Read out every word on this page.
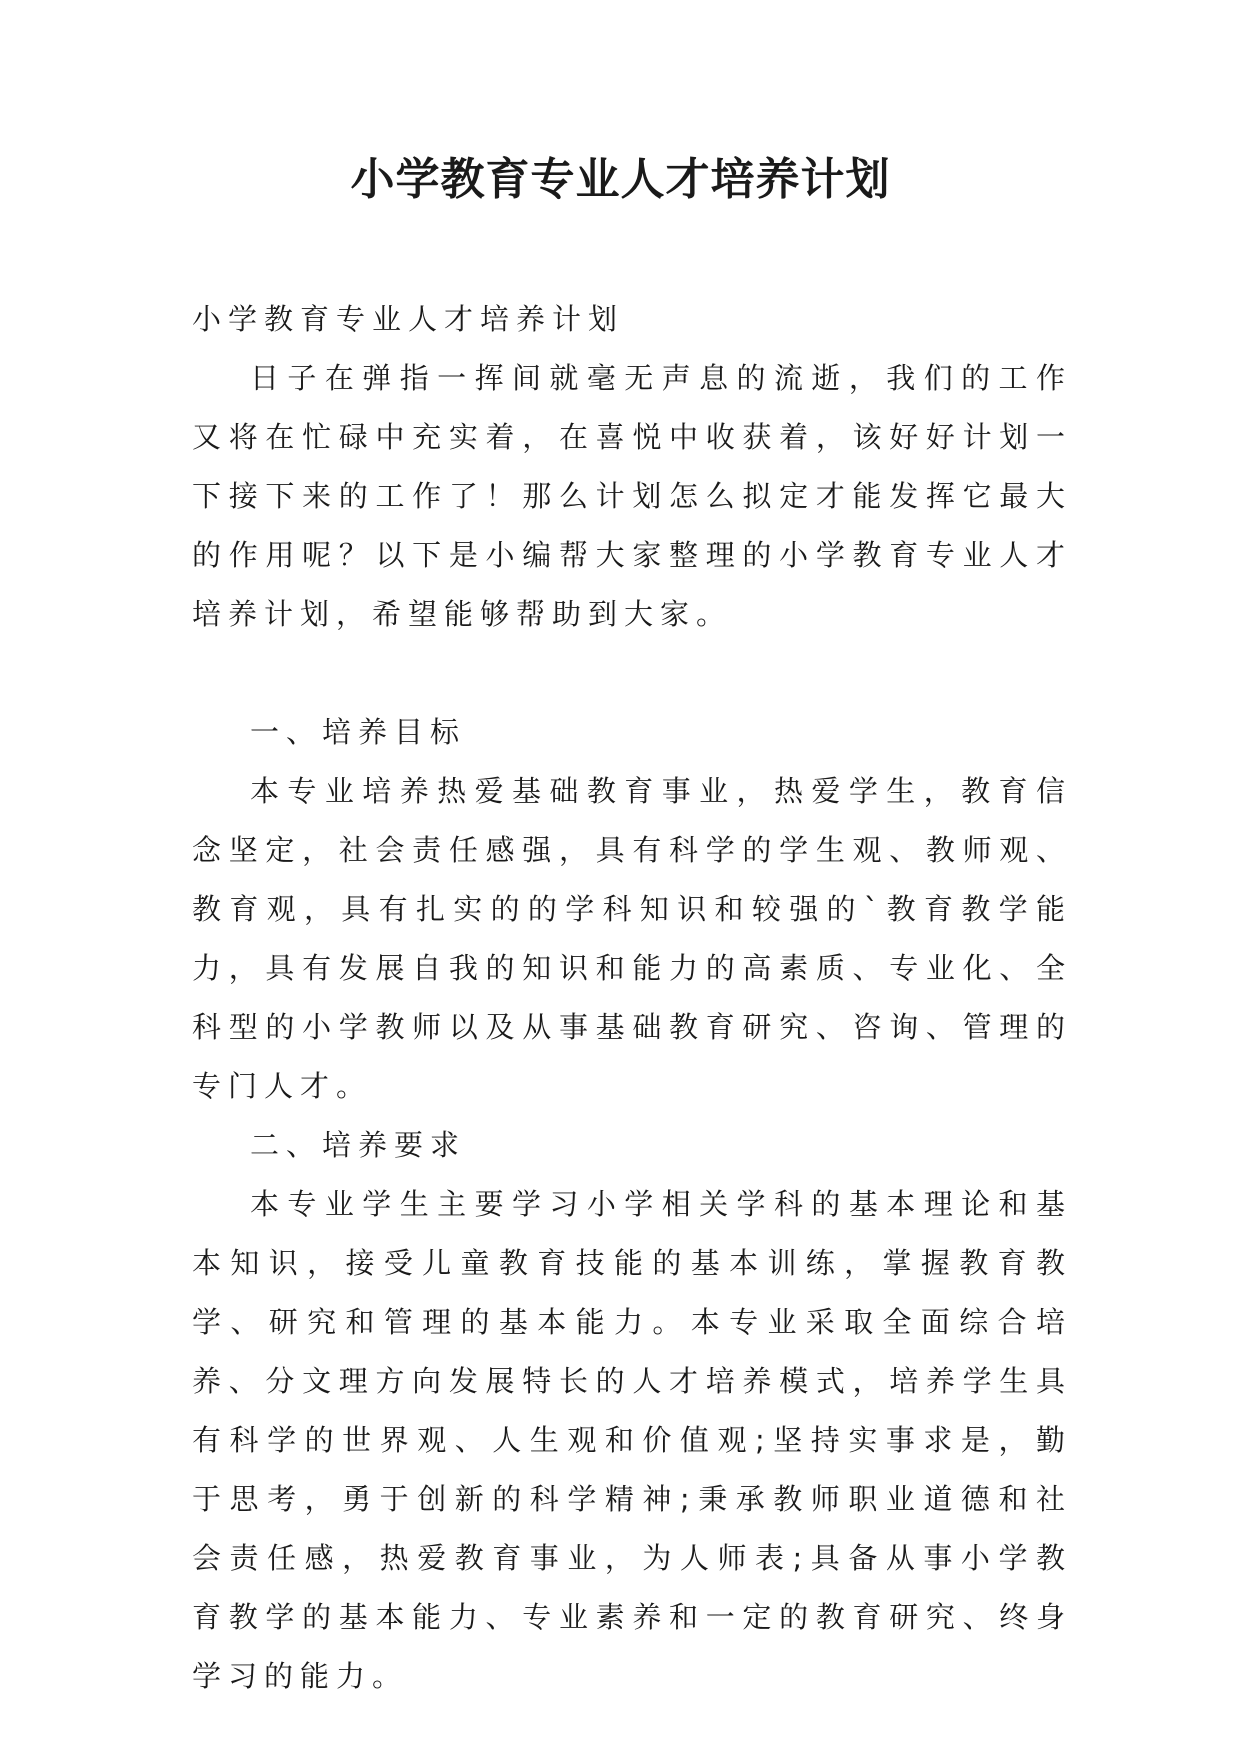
小学教育专业人才培养计划

小学教育专业人才培养计划

日子在弹指一挥间就毫无声息的流逝，我们的工作又将在忙碌中充实着，在喜悦中收获着，该好好计划一下接下来的工作了！那么计划怎么拟定才能发挥它最大的作用呢？以下是小编帮大家整理的小学教育专业人才培养计划，希望能够帮助到大家。

一、培养目标

本专业培养热爱基础教育事业，热爱学生，教育信念坚定，社会责任感强，具有科学的学生观、教师观、教育观，具有扎实的的学科知识和较强的`教育教学能力，具有发展自我的知识和能力的高素质、专业化、全科型的小学教师以及从事基础教育研究、咨询、管理的专门人才。

二、培养要求

本专业学生主要学习小学相关学科的基本理论和基本知识，接受儿童教育技能的基本训练，掌握教育教学、研究和管理的基本能力。本专业采取全面综合培养、分文理方向发展特长的人才培养模式，培养学生具有科学的世界观、人生观和价值观;坚持实事求是，勤于思考，勇于创新的科学精神;秉承教师职业道德和社会责任感，热爱教育事业，为人师表;具备从事小学教育教学的基本能力、专业素养和一定的教育研究、终身学习的能力。
